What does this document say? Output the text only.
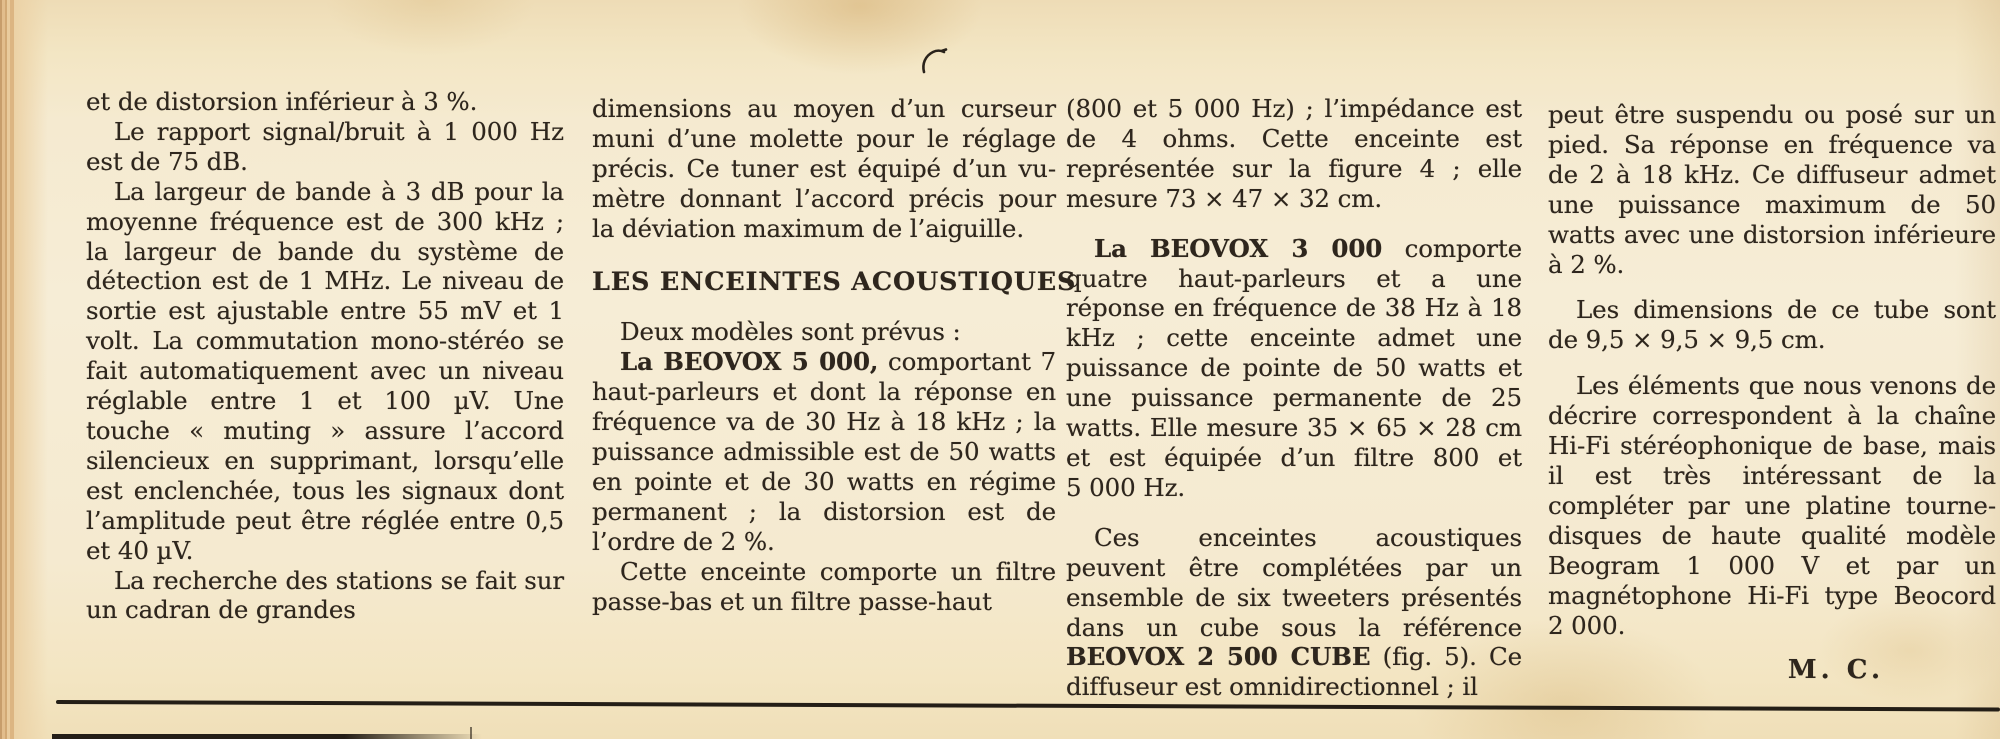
et de distorsion inférieur à 3 %.

Le rapport signal/bruit à 1 000 Hz est de 75 dB.

La largeur de bande à 3 dB pour la moyenne fréquence est de 300 kHz ; la largeur de bande du système de détection est de 1 MHz. Le niveau de sortie est ajustable entre 55 mV et 1 volt. La commutation mono-stéréo se fait automatiquement avec un niveau réglable entre 1 et 100 µV. Une touche « muting » assure l’accord silencieux en supprimant, lorsqu’elle est enclenchée, tous les signaux dont l’amplitude peut être réglée entre 0,5 et 40 µV.

La recherche des stations se fait sur un cadran de grandes

dimensions au moyen d’un curseur muni d’une molette pour le réglage précis. Ce tuner est équipé d’un vu-mètre donnant l’accord précis pour la déviation maximum de l’aiguille.

LES ENCEINTES ACOUSTIQUES

Deux modèles sont prévus :

La BEOVOX 5 000, comportant 7 haut-parleurs et dont la réponse en fréquence va de 30 Hz à 18 kHz ; la puissance admissible est de 50 watts en pointe et de 30 watts en régime permanent ; la distorsion est de l’ordre de 2 %.

Cette enceinte comporte un filtre passe-bas et un filtre passe-haut

(800 et 5 000 Hz) ; l’impédance est de 4 ohms. Cette enceinte est représentée sur la figure 4 ; elle mesure 73 × 47 × 32 cm.

La BEOVOX 3 000 comporte quatre haut-parleurs et a une réponse en fréquence de 38 Hz à 18 kHz ; cette enceinte admet une puissance de pointe de 50 watts et une puissance permanente de 25 watts. Elle mesure 35 × 65 × 28 cm et est équipée d’un filtre 800 et 5 000 Hz.

Ces enceintes acoustiques peuvent être complétées par un ensemble de six tweeters présentés dans un cube sous la référence BEOVOX 2 500 CUBE (fig. 5). Ce diffuseur est omnidirectionnel ; il

peut être suspendu ou posé sur un pied. Sa réponse en fréquence va de 2 à 18 kHz. Ce diffuseur admet une puissance maximum de 50 watts avec une distorsion inférieure à 2 %.

Les dimensions de ce tube sont de 9,5 × 9,5 × 9,5 cm.

Les éléments que nous venons de décrire correspondent à la chaîne Hi-Fi stéréophonique de base, mais il est très intéressant de la compléter par une platine tourne-disques de haute qualité modèle Beogram 1 000 V et par un magnétophone Hi-Fi type Beocord 2 000.

M. C.
